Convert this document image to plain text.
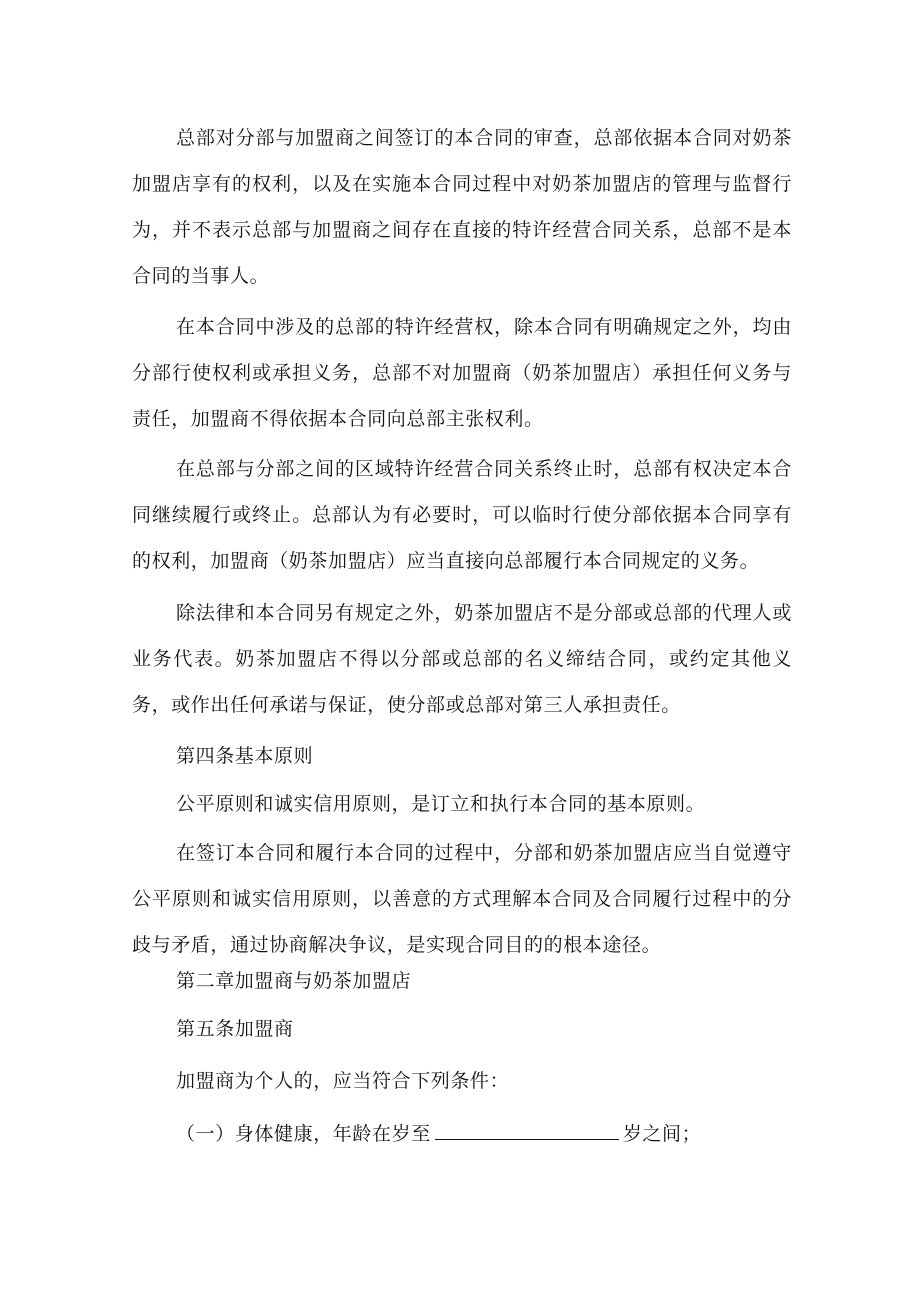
总部对分部与加盟商之间签订的本合同的审查，总部依据本合同对奶茶加盟店享有的权利，以及在实施本合同过程中对奶茶加盟店的管理与监督行为，并不表示总部与加盟商之间存在直接的特许经营合同关系，总部不是本合同的当事人。

在本合同中涉及的总部的特许经营权，除本合同有明确规定之外，均由分部行使权利或承担义务，总部不对加盟商（奶茶加盟店）承担任何义务与责任，加盟商不得依据本合同向总部主张权利。

在总部与分部之间的区域特许经营合同关系终止时，总部有权决定本合同继续履行或终止。总部认为有必要时，可以临时行使分部依据本合同享有的权利，加盟商（奶茶加盟店）应当直接向总部履行本合同规定的义务。

除法律和本合同另有规定之外，奶茶加盟店不是分部或总部的代理人或业务代表。奶茶加盟店不得以分部或总部的名义缔结合同，或约定其他义务，或作出任何承诺与保证，使分部或总部对第三人承担责任。

第四条基本原则

公平原则和诚实信用原则，是订立和执行本合同的基本原则。

在签订本合同和履行本合同的过程中，分部和奶茶加盟店应当自觉遵守公平原则和诚实信用原则，以善意的方式理解本合同及合同履行过程中的分歧与矛盾，通过协商解决争议，是实现合同目的的根本途径。

第二章加盟商与奶茶加盟店

第五条加盟商

加盟商为个人的，应当符合下列条件：

（一）身体健康，年龄在岁至	岁之间；
